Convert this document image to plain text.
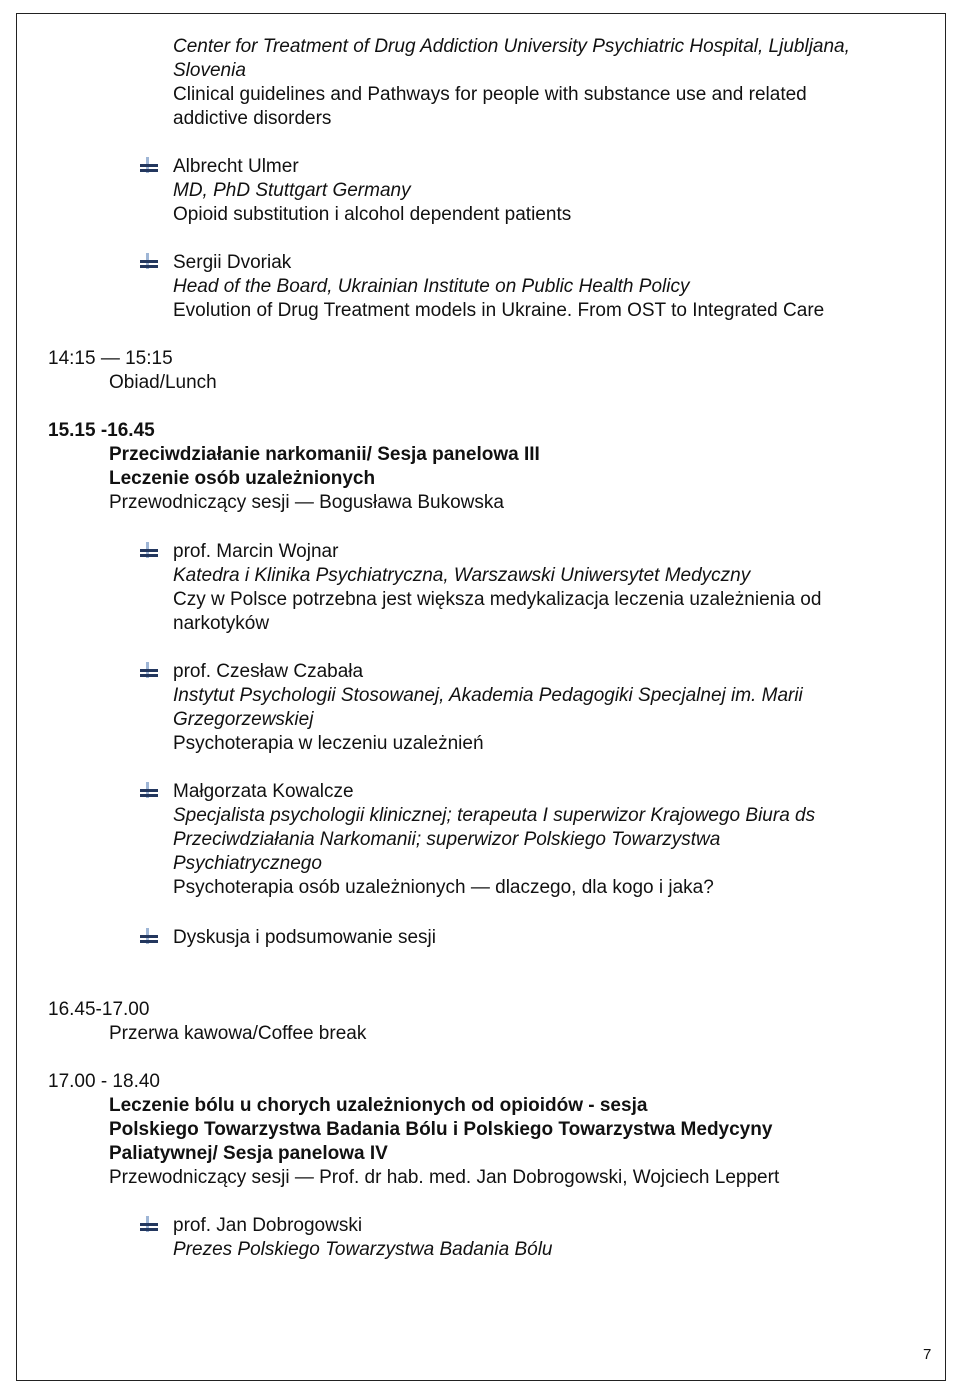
Center for Treatment of Drug Addiction University Psychiatric Hospital, Ljubljana,
Slovenia
Clinical guidelines and Pathways for people with substance use and related
addictive disorders
Albrecht Ulmer
MD, PhD Stuttgart Germany
Opioid substitution i alcohol dependent patients
Sergii Dvoriak
Head of the Board, Ukrainian Institute on Public Health Policy
Evolution of Drug Treatment models in Ukraine. From OST to Integrated Care
14:15 — 15:15
Obiad/Lunch
15.15 -16.45
Przeciwdziałanie narkomanii/ Sesja panelowa III
Leczenie osób uzależnionych
Przewodniczący sesji — Bogusława Bukowska
prof. Marcin Wojnar
Katedra i Klinika Psychiatryczna, Warszawski Uniwersytet Medyczny
Czy w Polsce potrzebna jest większa medykalizacja leczenia uzależnienia od
narkotyków
prof. Czesław Czabała
Instytut Psychologii Stosowanej, Akademia Pedagogiki Specjalnej im. Marii
Grzegorzewskiej
Psychoterapia w leczeniu uzależnień
Małgorzata Kowalcze
Specjalista psychologii klinicznej; terapeuta I superwizor Krajowego Biura ds
Przeciwdziałania Narkomanii; superwizor Polskiego Towarzystwa
Psychiatrycznego
Psychoterapia osób uzależnionych — dlaczego, dla kogo i jaka?
Dyskusja i podsumowanie sesji
16.45-17.00
Przerwa kawowa/Coffee break
17.00 - 18.40
Leczenie bólu u chorych uzależnionych od opioidów - sesja
Polskiego Towarzystwa Badania Bólu i Polskiego Towarzystwa Medycyny
Paliatywnej/ Sesja panelowa IV
Przewodniczący sesji — Prof. dr hab. med. Jan Dobrogowski, Wojciech Leppert
prof. Jan Dobrogowski
Prezes Polskiego Towarzystwa Badania Bólu
7
